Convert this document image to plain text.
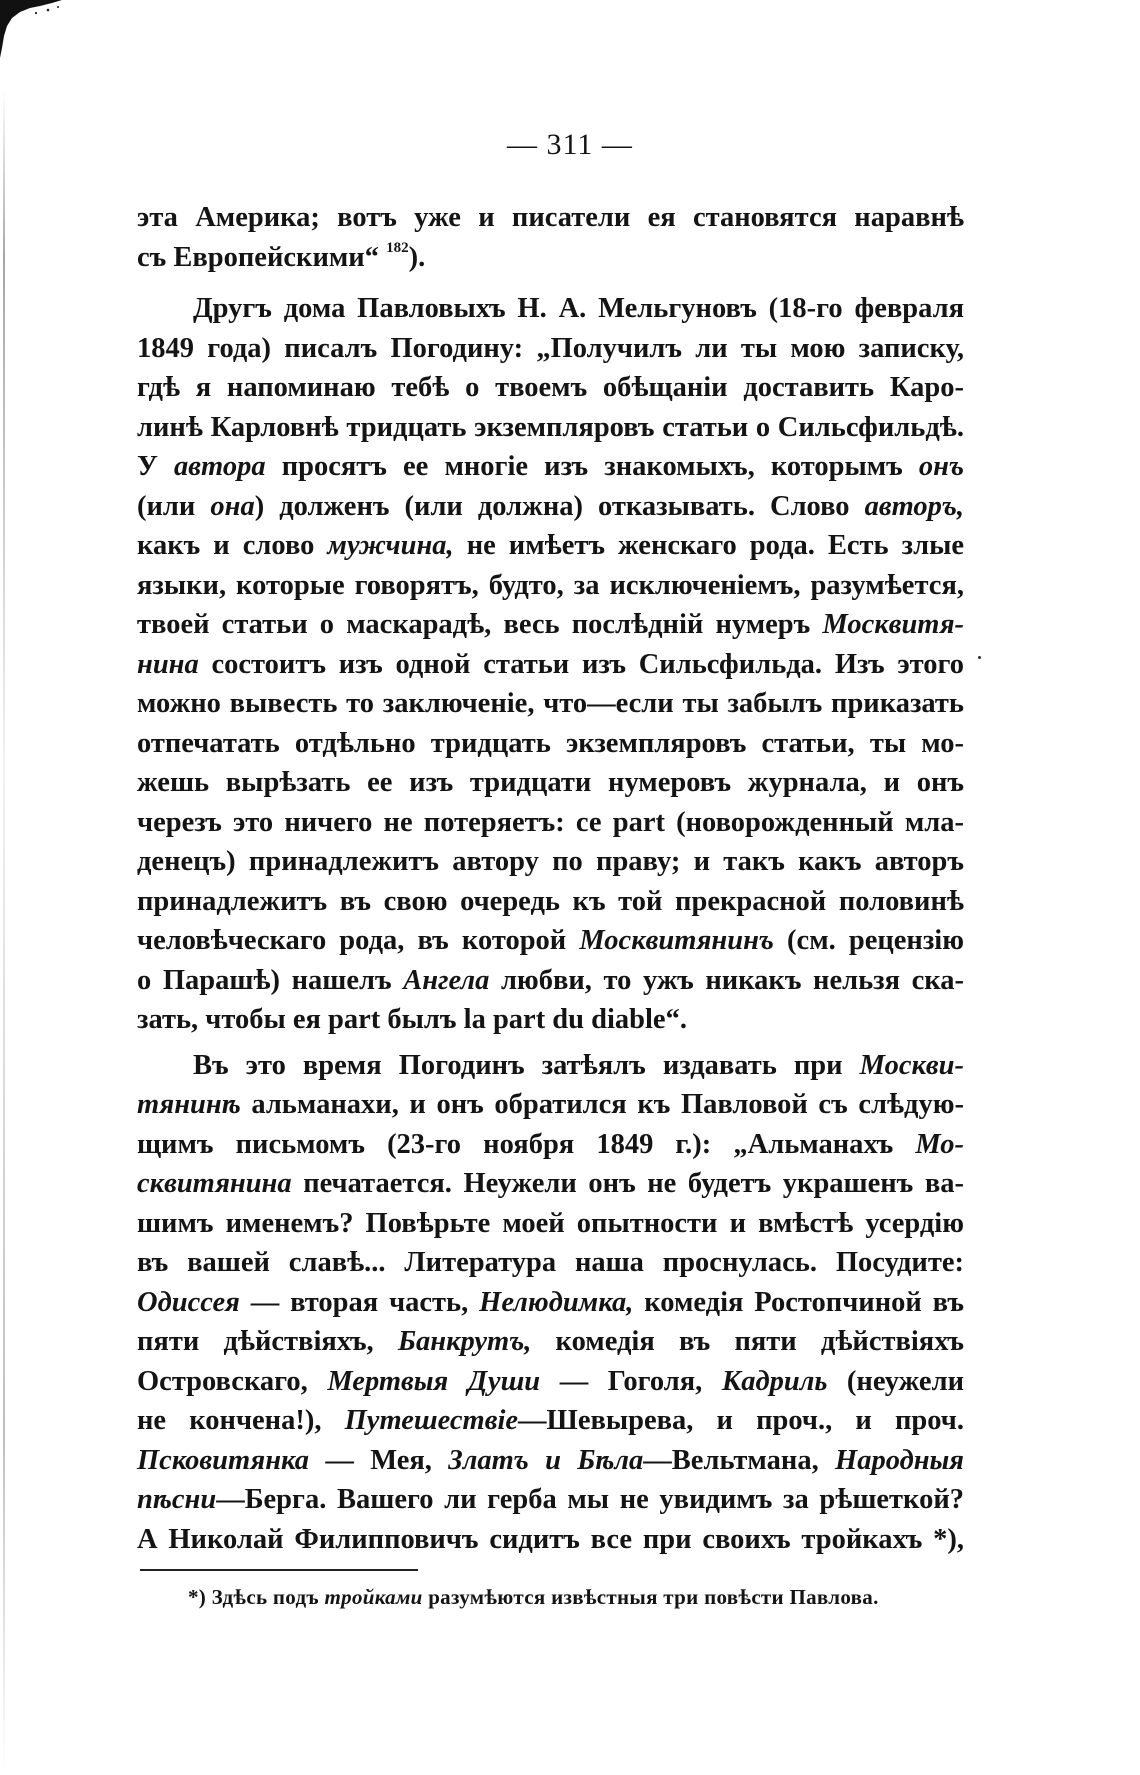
— 311 —
эта Америка; вотъ уже и писатели ея становятся наравнѣ
съ Европейскими“ $^{182}$).
Другъ дома Павловыхъ Н. А. Мельгуновъ (18-го февраля
1849 года) писалъ Погодину: „Получилъ ли ты мою записку,
гдѣ я напоминаю тебѣ о твоемъ обѣщаніи доставить Каро-
линѣ Карловнѣ тридцать экземпляровъ статьи о Сильсфильдѣ.
У автора просятъ ее многіе изъ знакомыхъ, которымъ онъ
(или она) долженъ (или должна) отказывать. Слово авторъ,
какъ и слово мужчина, не имѣетъ женскаго рода. Есть злые
языки, которые говорятъ, будто, за исключеніемъ, разумѣется,
твоей статьи о маскарадѣ, весь послѣдній нумеръ Москвитя-
нина состоитъ изъ одной статьи изъ Сильсфильда. Изъ этого
можно вывесть то заключеніе, что—если ты забылъ приказать
отпечатать отдѣльно тридцать экземпляровъ статьи, ты мо-
жешь вырѣзать ее изъ тридцати нумеровъ журнала, и онъ
черезъ это ничего не потеряетъ: се part (новорожденный мла-
денецъ) принадлежитъ автору по праву; и такъ какъ авторъ
принадлежитъ въ свою очередь къ той прекрасной половинѣ
человѣческаго рода, въ которой Москвитянинъ (см. рецензію
о Парашѣ) нашелъ Ангела любви, то ужъ никакъ нельзя ска-
зать, чтобы ея part былъ la part du diable“.
Въ это время Погодинъ затѣялъ издавать при Москви-
тянинѣ альманахи, и онъ обратился къ Павловой съ слѣдую-
щимъ письмомъ (23-го ноября 1849 г.): „Альманахъ Мо-
сквитянина печатается. Неужели онъ не будетъ украшенъ ва-
шимъ именемъ? Повѣрьте моей опытности и вмѣстѣ усердію
въ вашей славѣ... Литература наша проснулась. Посудите:
Одиссея — вторая часть, Нелюдимка, комедія Ростопчиной въ
пяти дѣйствіяхъ, Банкрутъ, комедія въ пяти дѣйствіяхъ
Островскаго, Мертвыя Души — Гоголя, Кадриль (неужели
не кончена!), Путешествіе—Шевырева, и проч., и проч.
Псковитянка — Мея, Златъ и Бѣла—Вельтмана, Народныя
пѣсни—Берга. Вашего ли герба мы не увидимъ за рѣшеткой?
А Николай Филипповичъ сидитъ все при своихъ тройкахъ *),
*) Здѣсь подъ тройками разумѣются извѣстныя три повѣсти Павлова.
